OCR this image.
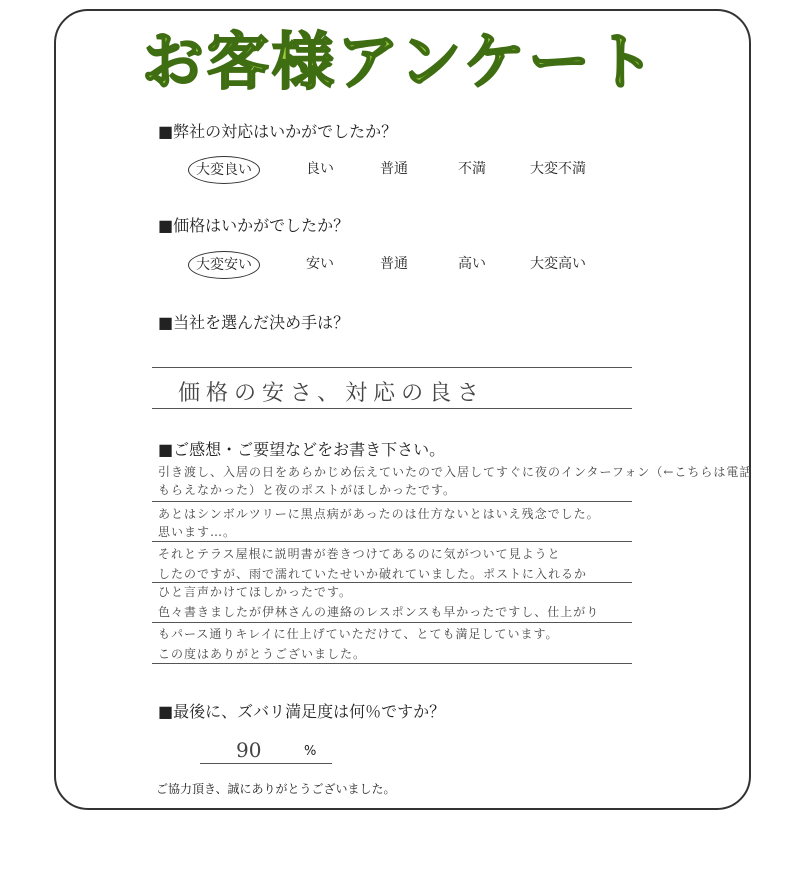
お客様アンケート
■弊社の対応はいかがでしたか？
大変良い	良い	普通	不満	大変不満
■価格はいかがでしたか？
大変安い	安い	普通	高い	大変高い
■当社を選んだ決め手は？
価格の安さ、対応の良さ
■ご感想・ご要望などをお書き下さい。
引き渡し、入居の日をあらかじめ伝えていたので入居してすぐに夜のインターフォン（←こちらは電話
もらえなかった）と夜のポストがほしかったです。
あとはシンボルツリーに黒点病があったのは仕方ないとはいえ残念でした。
思います…。
それとテラス屋根に説明書が巻きつけてあるのに気がついて見ようと
したのですが、雨で濡れていたせいか破れていました。ポストに入れるか
ひと言声かけてほしかったです。
色々書きましたが伊林さんの連絡のレスポンスも早かったですし、仕上がり
もパース通りキレイに仕上げていただけて、とても満足しています。
この度はありがとうございました。
■最後に、ズバリ満足度は何％ですか？
90	%
ご協力頂き、誠にありがとうございました。
